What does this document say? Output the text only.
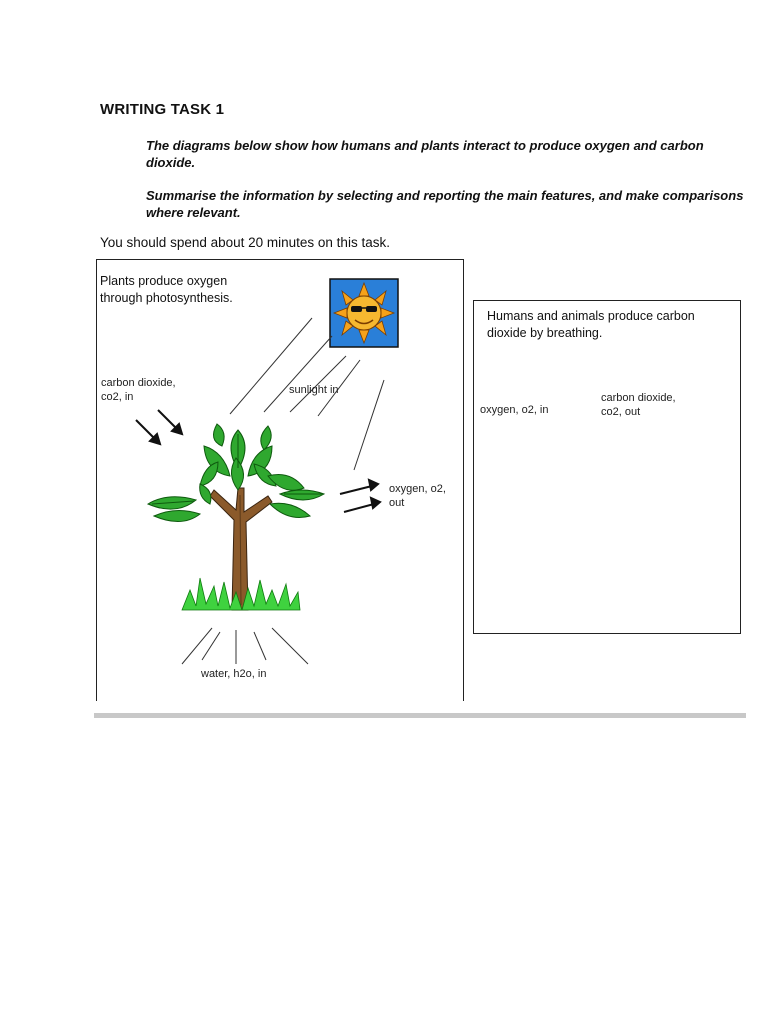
WRITING TASK 1

The diagrams below show how humans and plants interact to produce oxygen and carbon dioxide.

Summarise the information by selecting and reporting the main features, and make comparisons where relevant.

You should spend about 20 minutes on this task.

Plants produce oxygen

through photosynthesis.

carbon dioxide,

co2, in

sunlight in

oxygen, o2,

out

water, h2o, in

Humans and animals produce carbon

dioxide by breathing.

oxygen, o2, in

carbon dioxide,

co2, out
